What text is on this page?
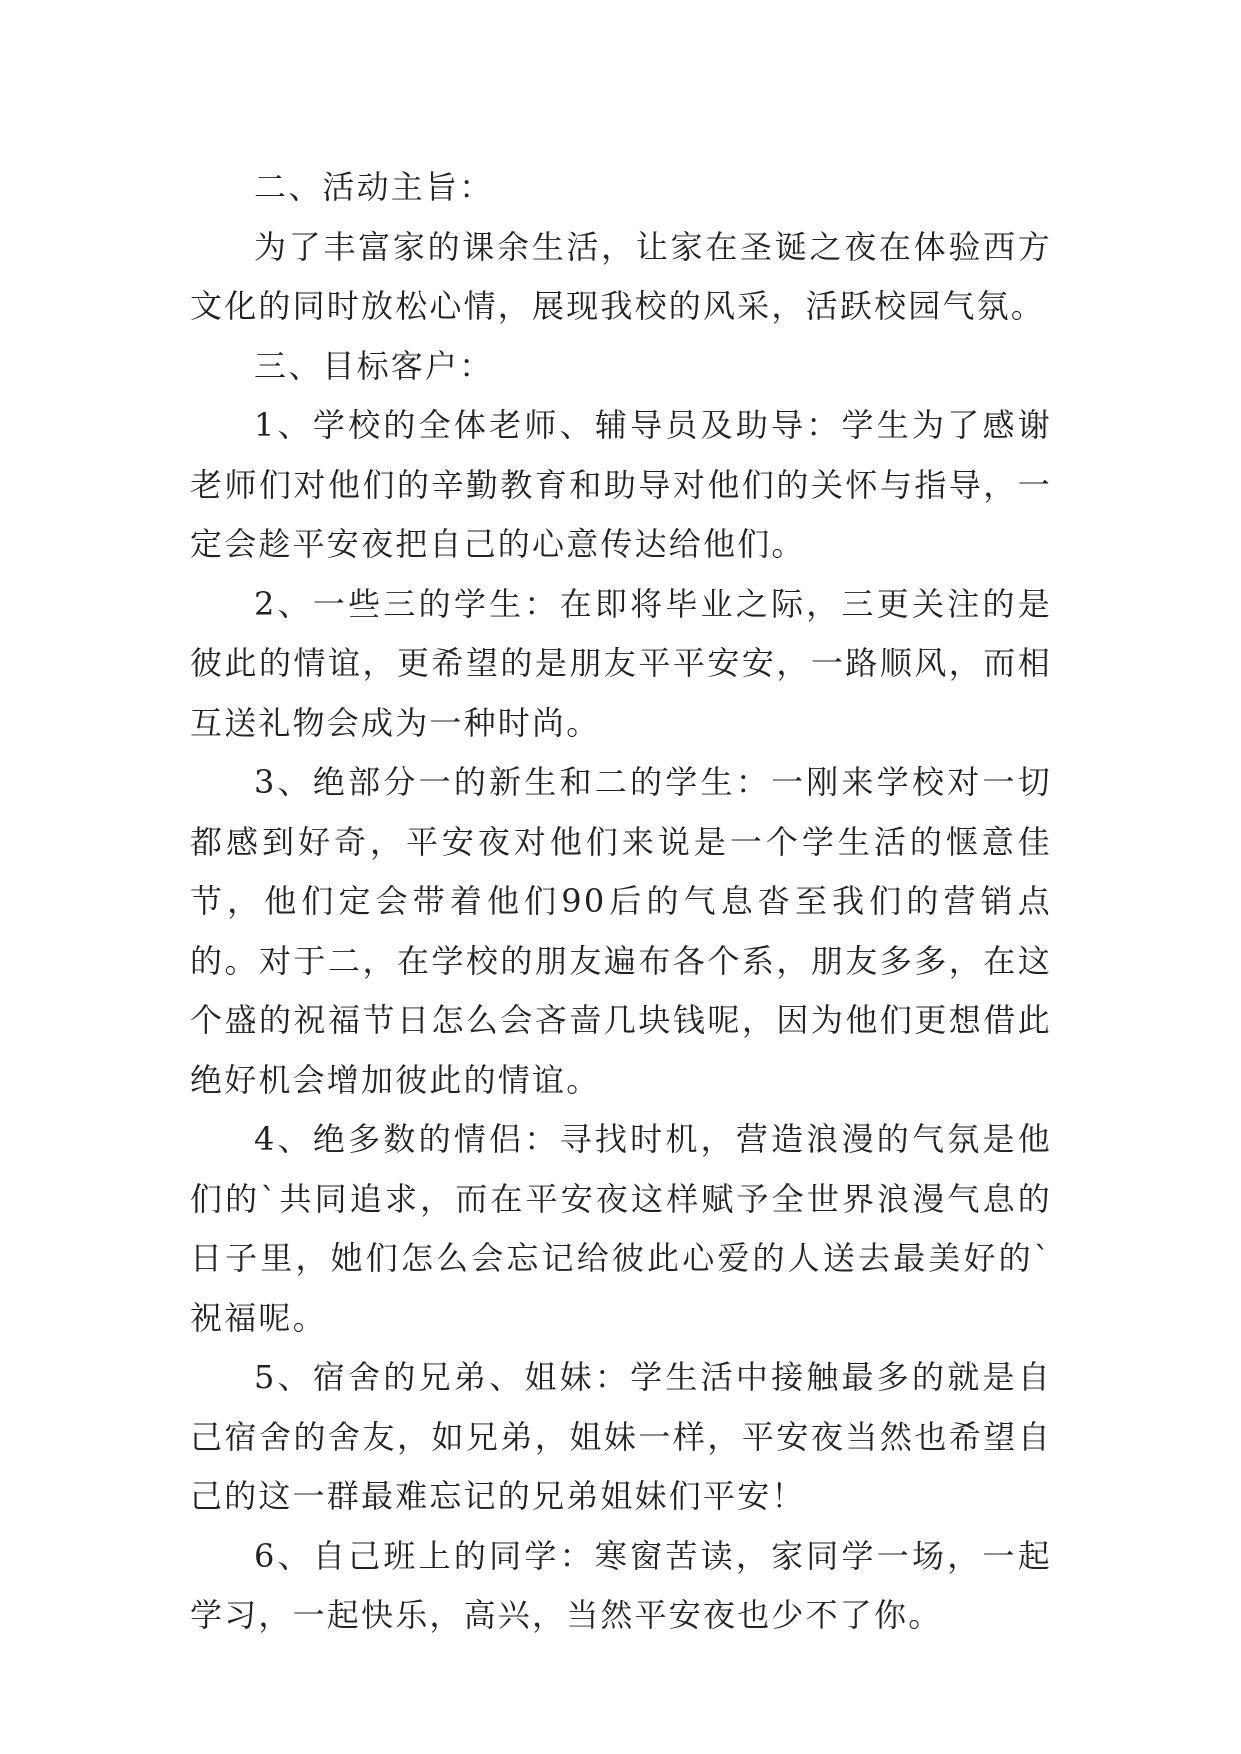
二、活动主旨：

为了丰富家的课余生活，让家在圣诞之夜在体验西方文化的同时放松心情，展现我校的风采，活跃校园气氛。

三、目标客户：

1、学校的全体老师、辅导员及助导：学生为了感谢老师们对他们的辛勤教育和助导对他们的关怀与指导，一定会趁平安夜把自己的心意传达给他们。

2、一些三的学生：在即将毕业之际，三更关注的是彼此的情谊，更希望的是朋友平平安安，一路顺风，而相互送礼物会成为一种时尚。

3、绝部分一的新生和二的学生：一刚来学校对一切都感到好奇，平安夜对他们来说是一个学生活的惬意佳节，他们定会带着他们90后的气息沓至我们的营销点的。对于二，在学校的朋友遍布各个系，朋友多多，在这个盛的祝福节日怎么会吝啬几块钱呢，因为他们更想借此绝好机会增加彼此的情谊。

4、绝多数的情侣：寻找时机，营造浪漫的气氛是他们的`共同追求，而在平安夜这样赋予全世界浪漫气息的日子里，她们怎么会忘记给彼此心爱的人送去最美好的`祝福呢。

5、宿舍的兄弟、姐妹：学生活中接触最多的就是自己宿舍的舍友，如兄弟，姐妹一样，平安夜当然也希望自己的这一群最难忘记的兄弟姐妹们平安！

6、自己班上的同学：寒窗苦读，家同学一场，一起学习，一起快乐，高兴，当然平安夜也少不了你。
